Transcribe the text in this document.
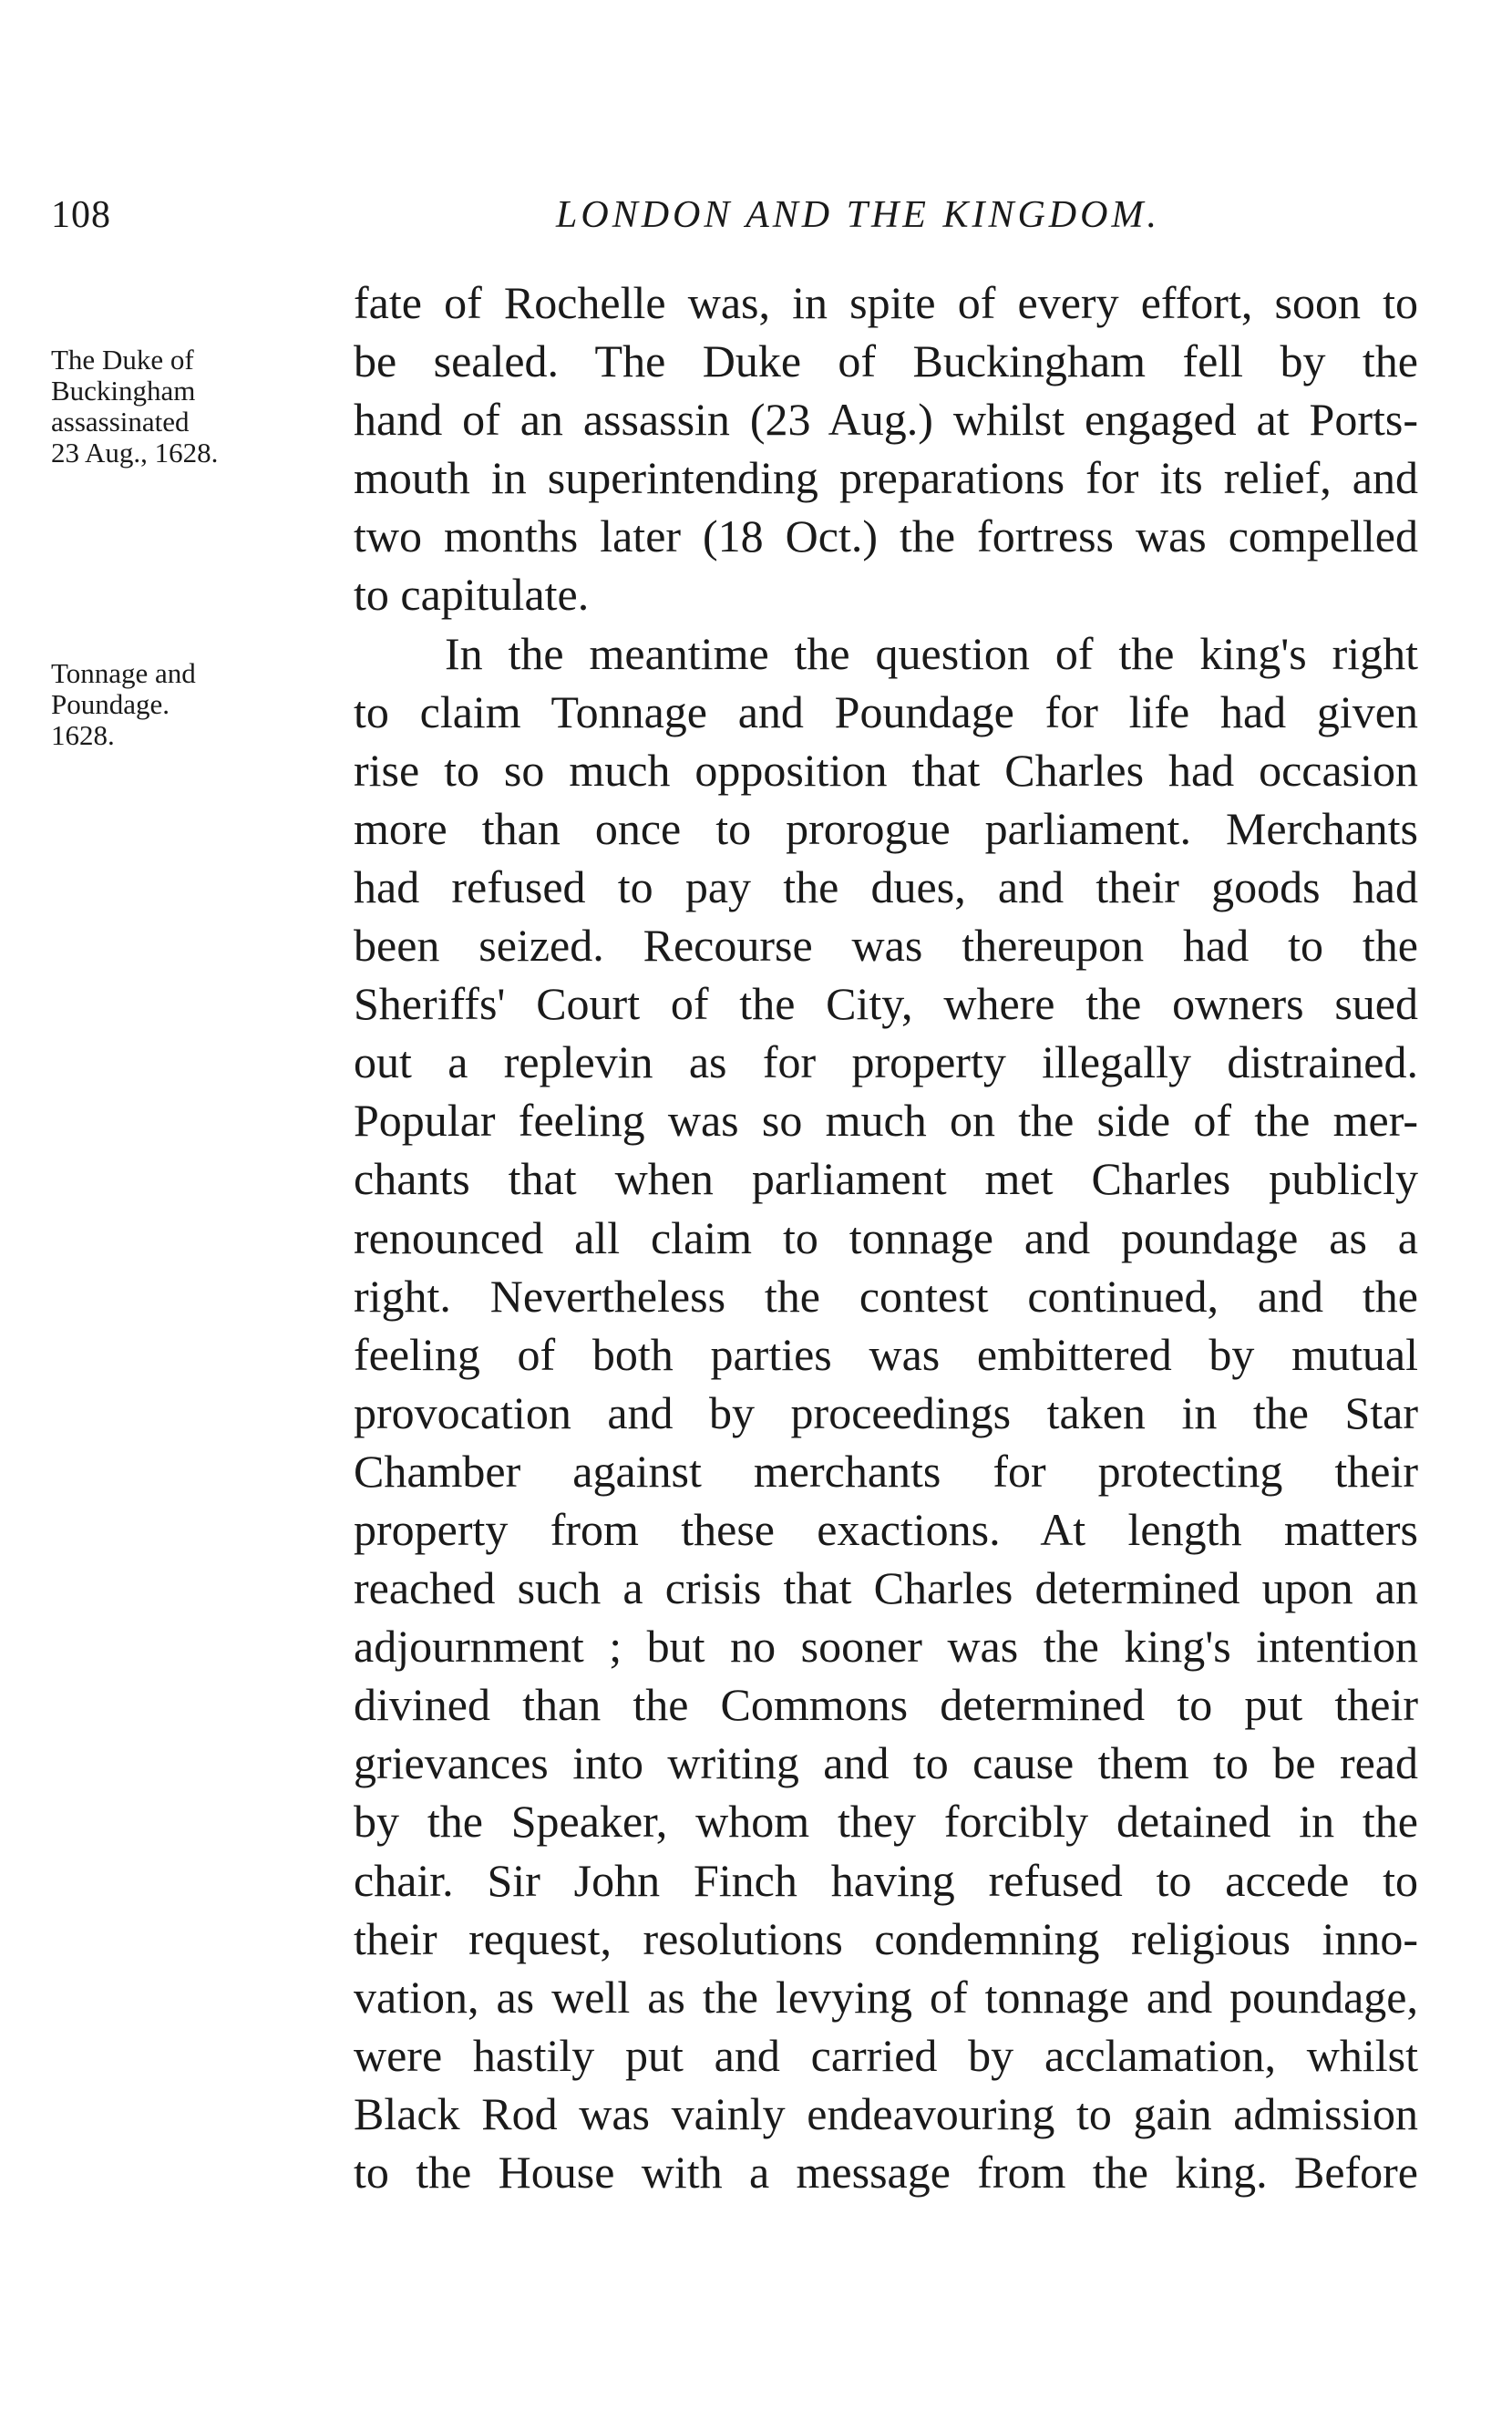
108	LONDON AND THE KINGDOM.
The Duke of
Buckingham
assassinated
23 Aug., 1628.
Tonnage and
Poundage.
1628.
fate of Rochelle was, in spite of every effort, soon to
be sealed. The Duke of Buckingham fell by the
hand of an assassin (23 Aug.) whilst engaged at Ports-
mouth in superintending preparations for its relief, and
two months later (18 Oct.) the fortress was compelled
to capitulate.
In the meantime the question of the king's right
to claim Tonnage and Poundage for life had given
rise to so much opposition that Charles had occasion
more than once to prorogue parliament. Merchants
had refused to pay the dues, and their goods had
been seized. Recourse was thereupon had to the
Sheriffs' Court of the City, where the owners sued
out a replevin as for property illegally distrained.
Popular feeling was so much on the side of the mer-
chants that when parliament met Charles publicly
renounced all claim to tonnage and poundage as a
right. Nevertheless the contest continued, and the
feeling of both parties was embittered by mutual
provocation and by proceedings taken in the Star
Chamber against merchants for protecting their
property from these exactions. At length matters
reached such a crisis that Charles determined upon an
adjournment ; but no sooner was the king's intention
divined than the Commons determined to put their
grievances into writing and to cause them to be read
by the Speaker, whom they forcibly detained in the
chair. Sir John Finch having refused to accede to
their request, resolutions condemning religious inno-
vation, as well as the levying of tonnage and poundage,
were hastily put and carried by acclamation, whilst
Black Rod was vainly endeavouring to gain admission
to the House with a message from the king. Before
